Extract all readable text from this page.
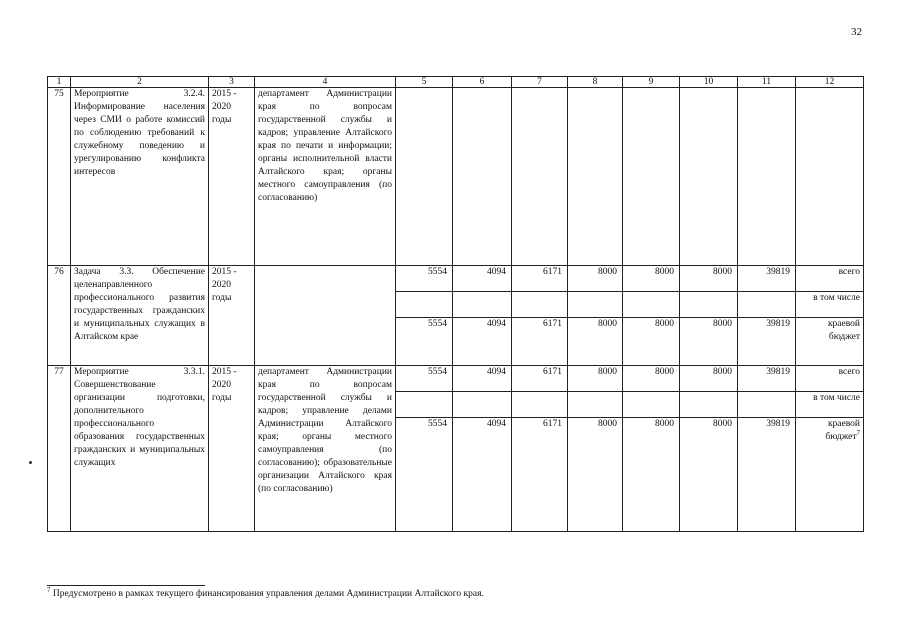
32
1	2	3	4	5	6	7	8	9	10	11	12
75	Мероприятие 3.2.4. Информирование населения через СМИ о работе комиссий по соблюдению требований к служебному поведению и урегулированию конфликта интересов	2015 - 2020 годы	департамент Администрации края по вопросам государственной службы и кадров; управление Алтайского края по печати и информации; органы исполнительной власти Алтайского края; органы местного самоуправления (по согласованию)								
76	Задача 3.3. Обеспечение целенаправленного профессионального развития государственных гражданских и муниципальных служащих в Алтайском крае	2015 - 2020 годы		5554	4094	6171	8000	8000	8000	39819	всего
											в том числе
				5554	4094	6171	8000	8000	8000	39819	краевой бюджет
77	Мероприятие 3.3.1. Совершенствование организации подготовки, дополнительного профессионального образования государственных гражданских и муниципальных служащих	2015 - 2020 годы	департамент Администрации края по вопросам государственной службы и кадров; управление делами Администрации Алтайского края; органы местного самоуправления (по согласованию); образовательные организации Алтайского края (по согласованию)	5554	4094	6171	8000	8000	8000	39819	всего
											в том числе
				5554	4094	6171	8000	8000	8000	39819	краевой бюджет$^7$
$^7$ Предусмотрено в рамках текущего финансирования управления делами Администрации Алтайского края.
